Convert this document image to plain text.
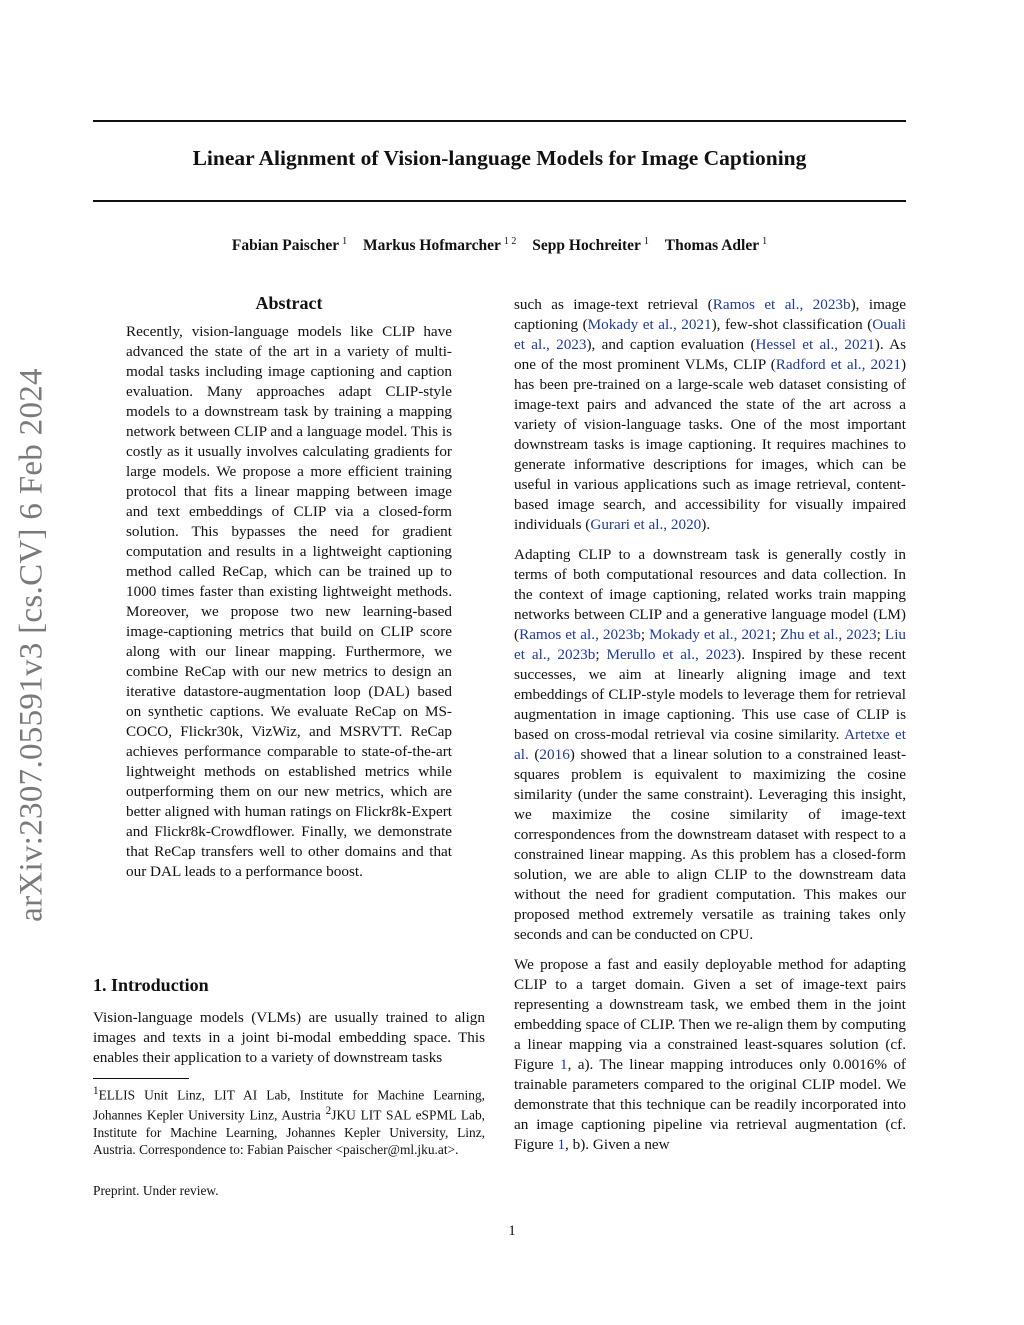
arXiv:2307.05591v3 [cs.CV] 6 Feb 2024
Linear Alignment of Vision-language Models for Image Captioning
Fabian Paischer $^1$ Markus Hofmarcher $^{1 2}$ Sepp Hochreiter $^1$ Thomas Adler $^1$
Abstract

Recently, vision-language models like CLIP have advanced the state of the art in a variety of multi-modal tasks including image captioning and caption evaluation. Many approaches adapt CLIP-style models to a downstream task by training a mapping network between CLIP and a language model. This is costly as it usually involves calculating gradients for large models. We propose a more efficient training protocol that fits a linear mapping between image and text embeddings of CLIP via a closed-form solution. This bypasses the need for gradient computation and results in a lightweight captioning method called ReCap, which can be trained up to 1000 times faster than existing lightweight methods. Moreover, we propose two new learning-based image-captioning metrics that build on CLIP score along with our linear mapping. Furthermore, we combine ReCap with our new metrics to design an iterative datastore-augmentation loop (DAL) based on synthetic captions. We evaluate ReCap on MS-COCO, Flickr30k, VizWiz, and MSRVTT. ReCap achieves performance comparable to state-of-the-art lightweight methods on established metrics while outperforming them on our new metrics, which are better aligned with human ratings on Flickr8k-Expert and Flickr8k-Crowdflower. Finally, we demonstrate that ReCap transfers well to other domains and that our DAL leads to a performance boost.

1. Introduction

Vision-language models (VLMs) are usually trained to align images and texts in a joint bi-modal embedding space. This enables their application to a variety of downstream tasks

$^1$ELLIS Unit Linz, LIT AI Lab, Institute for Machine Learning, Johannes Kepler University Linz, Austria $^2$JKU LIT SAL eSPML Lab, Institute for Machine Learning, Johannes Kepler University, Linz, Austria. Correspondence to: Fabian Paischer <paischer@ml.jku.at>.

Preprint. Under review.

such as image-text retrieval (Ramos et al., 2023b), image captioning (Mokady et al., 2021), few-shot classification (Ouali et al., 2023), and caption evaluation (Hessel et al., 2021). As one of the most prominent VLMs, CLIP (Radford et al., 2021) has been pre-trained on a large-scale web dataset consisting of image-text pairs and advanced the state of the art across a variety of vision-language tasks. One of the most important downstream tasks is image captioning. It requires machines to generate informative descriptions for images, which can be useful in various applications such as image retrieval, content-based image search, and accessibility for visually impaired individuals (Gurari et al., 2020).

Adapting CLIP to a downstream task is generally costly in terms of both computational resources and data collection. In the context of image captioning, related works train mapping networks between CLIP and a generative language model (LM) (Ramos et al., 2023b; Mokady et al., 2021; Zhu et al., 2023; Liu et al., 2023b; Merullo et al., 2023). Inspired by these recent successes, we aim at linearly aligning image and text embeddings of CLIP-style models to leverage them for retrieval augmentation in image captioning. This use case of CLIP is based on cross-modal retrieval via cosine similarity. Artetxe et al. (2016) showed that a linear solution to a constrained least-squares problem is equivalent to maximizing the cosine similarity (under the same constraint). Leveraging this insight, we maximize the cosine similarity of image-text correspondences from the downstream dataset with respect to a constrained linear mapping. As this problem has a closed-form solution, we are able to align CLIP to the downstream data without the need for gradient computation. This makes our proposed method extremely versatile as training takes only seconds and can be conducted on CPU.

We propose a fast and easily deployable method for adapting CLIP to a target domain. Given a set of image-text pairs representing a downstream task, we embed them in the joint embedding space of CLIP. Then we re-align them by computing a linear mapping via a constrained least-squares solution (cf. Figure 1, a). The linear mapping introduces only 0.0016% of trainable parameters compared to the original CLIP model. We demonstrate that this technique can be readily incorporated into an image captioning pipeline via retrieval augmentation (cf. Figure 1, b). Given a new

1
